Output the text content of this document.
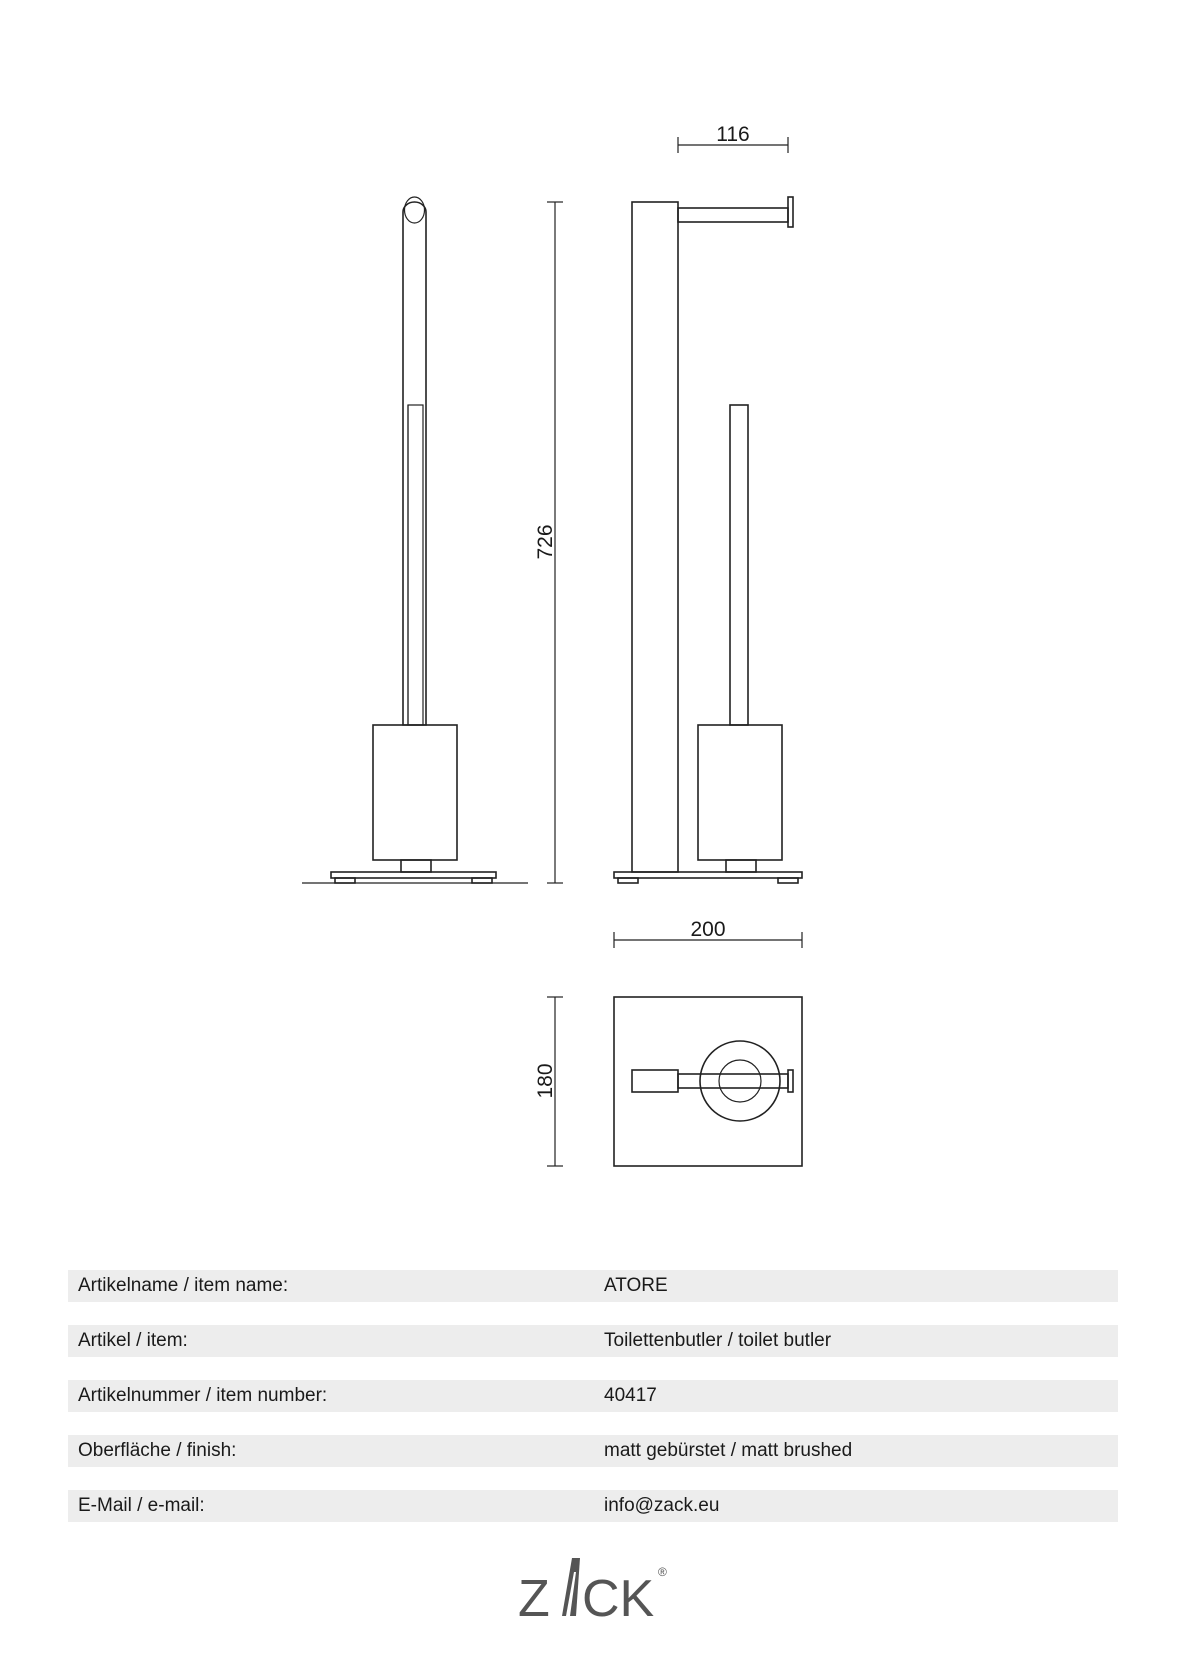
726
116
200
180
Artikelname / item name:	ATORE
Artikel / item:	Toilettenbutler / toilet butler
Artikelnummer / item number:	40417
Oberfläche / finish:	matt gebürstet / matt brushed
E-Mail / e-mail:	info@zack.eu
Z CK ®
